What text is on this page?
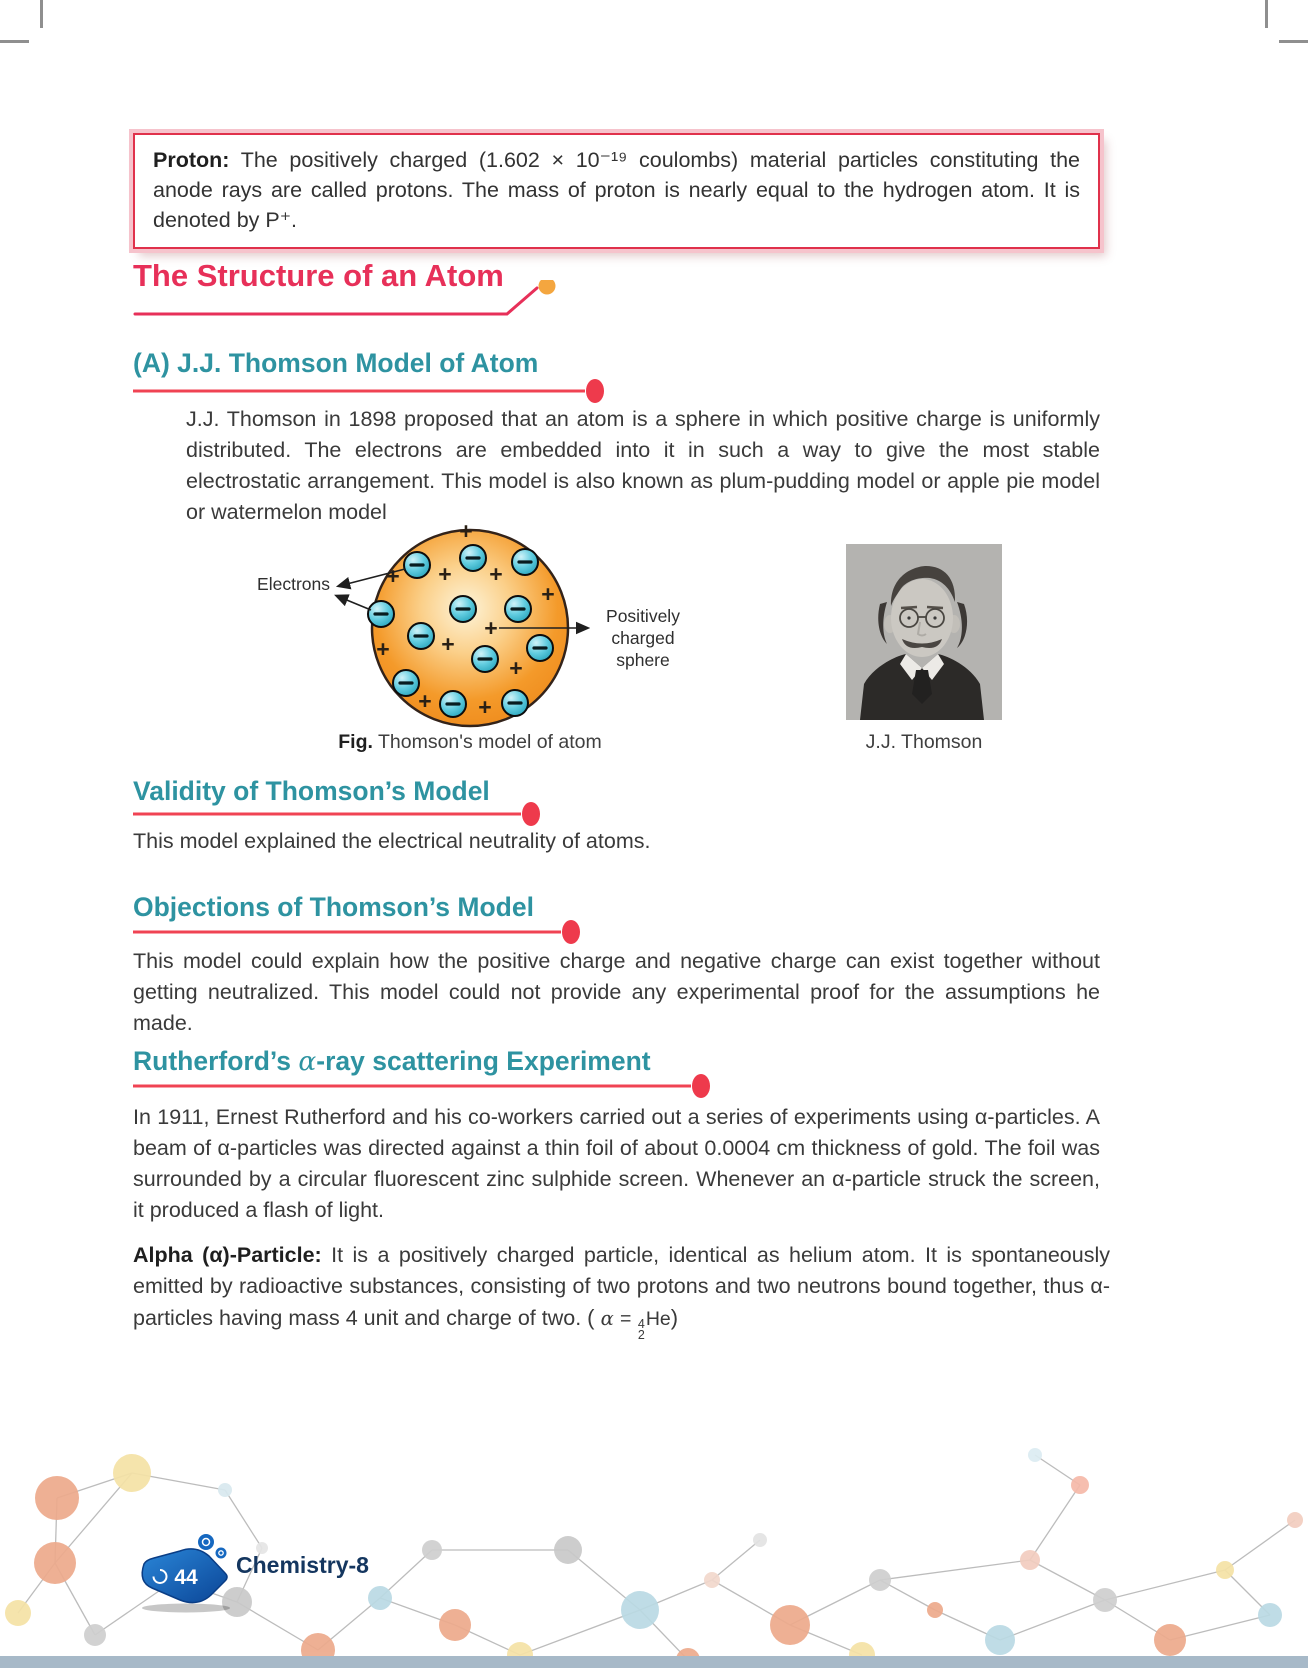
Proton: The positively charged (1.602 × 10⁻¹⁹ coulombs) material particles constituting the anode rays are called protons. The mass of proton is nearly equal to the hydrogen atom. It is denoted by P⁺.
The Structure of an Atom
(A) J.J. Thomson Model of Atom

J.J. Thomson in 1898 proposed that an atom is a sphere in which positive charge is uniformly distributed. The electrons are embedded into it in such a way to give the most stable electrostatic arrangement. This model is also known as plum-pudding model or apple pie model or watermelon model

+
+ + +
+
+
+ +
+
+ +
Electrons
Positively
charged
sphere
Fig. Thomson's model of atom	J.J. Thomson
Validity of Thomson’s Model

This model explained the electrical neutrality of atoms.

Objections of Thomson’s Model

This model could explain how the positive charge and negative charge can exist together without getting neutralized. This model could not provide any experimental proof for the assumptions he made.

Rutherford’s α-ray scattering Experiment

In 1911, Ernest Rutherford and his co-workers carried out a series of experiments using α-particles. A beam of α-particles was directed against a thin foil of about 0.0004 cm thickness of gold. The foil was surrounded by a circular fluorescent zinc sulphide screen. Whenever an α-particle struck the screen, it produced a flash of light.

Alpha (α)-Particle: It is a positively charged particle, identical as helium atom. It is spontaneously emitted by radioactive substances, consisting of two protons and two neutrons bound together, thus α-particles having mass 4 unit and charge of two. ( α = 4
2
He)

44 Chemistry-8
